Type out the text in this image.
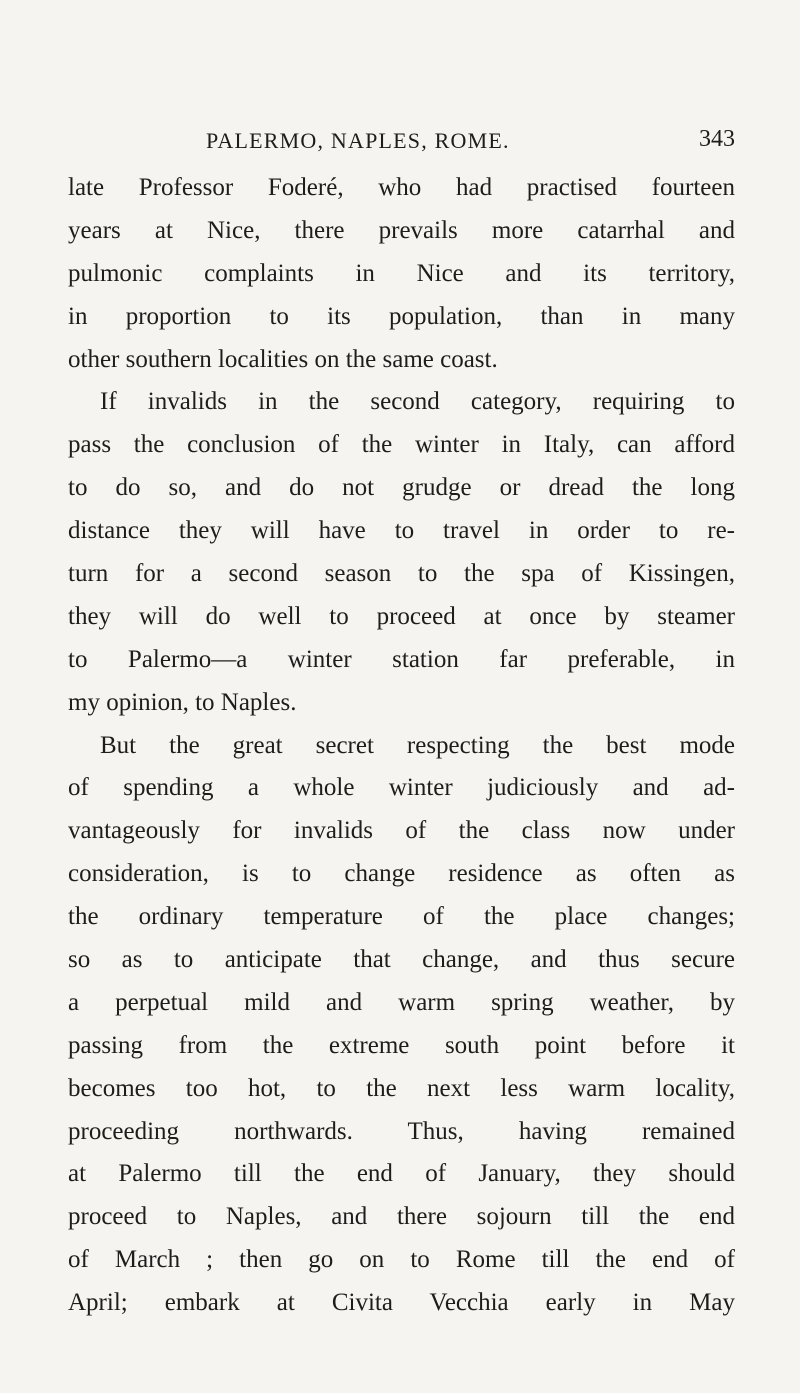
PALERMO, NAPLES, ROME.	343
late Professor Foderé, who had practised fourteen
years at Nice, there prevails more catarrhal and
pulmonic complaints in Nice and its territory,
in proportion to its population, than in many
other southern localities on the same coast.
If invalids in the second category, requiring to
pass the conclusion of the winter in Italy, can afford
to do so, and do not grudge or dread the long
distance they will have to travel in order to re-
turn for a second season to the spa of Kissingen,
they will do well to proceed at once by steamer
to Palermo—a winter station far preferable, in
my opinion, to Naples.
But the great secret respecting the best mode
of spending a whole winter judiciously and ad-
vantageously for invalids of the class now under
consideration, is to change residence as often as
the ordinary temperature of the place changes;
so as to anticipate that change, and thus secure
a perpetual mild and warm spring weather, by
passing from the extreme south point before it
becomes too hot, to the next less warm locality,
proceeding northwards. Thus, having remained
at Palermo till the end of January, they should
proceed to Naples, and there sojourn till the end
of March ; then go on to Rome till the end of
April; embark at Civita Vecchia early in May
